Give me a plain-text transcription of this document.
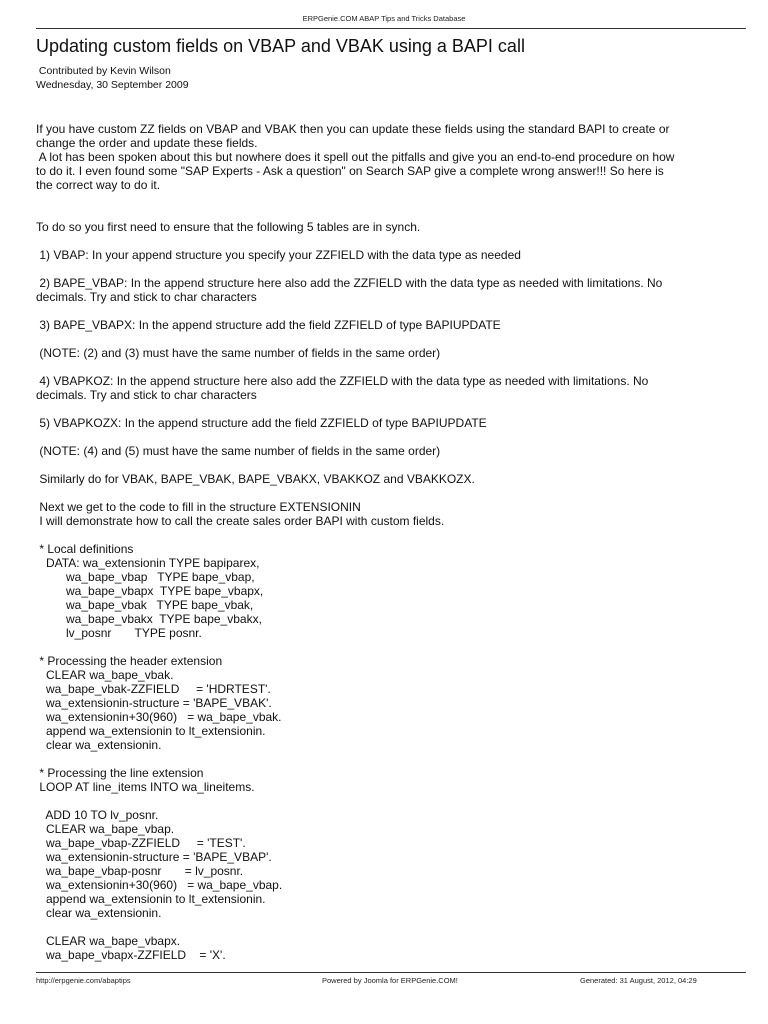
ERPGenie.COM ABAP Tips and Tricks Database
Updating custom fields on VBAP and VBAK using a BAPI call
Contributed by Kevin Wilson
Wednesday, 30 September 2009
If you have custom ZZ fields on VBAP and VBAK then you can update these fields using the standard BAPI to create or
change the order and update these fields.
A lot has been spoken about this but nowhere does it spell out the pitfalls and give you an end-to-end procedure on how
to do it. I even found some "SAP Experts - Ask a question" on Search SAP give a complete wrong answer!!! So here is
the correct way to do it.
To do so you first need to ensure that the following 5 tables are in synch.
1) VBAP: In your append structure you specify your ZZFIELD with the data type as needed
2) BAPE_VBAP: In the append structure here also add the ZZFIELD with the data type as needed with limitations. No
decimals. Try and stick to char characters
3) BAPE_VBAPX: In the append structure add the field ZZFIELD of type BAPIUPDATE
(NOTE: (2) and (3) must have the same number of fields in the same order)
4) VBAPKOZ: In the append structure here also add the ZZFIELD with the data type as needed with limitations. No
decimals. Try and stick to char characters
5) VBAPKOZX: In the append structure add the field ZZFIELD of type BAPIUPDATE
(NOTE: (4) and (5) must have the same number of fields in the same order)
Similarly do for VBAK, BAPE_VBAK, BAPE_VBAKX, VBAKKOZ and VBAKKOZX.
Next we get to the code to fill in the structure EXTENSIONIN
I will demonstrate how to call the create sales order BAPI with custom fields.
* Local definitions
DATA: wa_extensionin TYPE bapiparex,
wa_bape_vbap   TYPE bape_vbap,
wa_bape_vbapx  TYPE bape_vbapx,
wa_bape_vbak   TYPE bape_vbak,
wa_bape_vbakx  TYPE bape_vbakx,
lv_posnr       TYPE posnr.
* Processing the header extension
CLEAR wa_bape_vbak.
wa_bape_vbak-ZZFIELD     = 'HDRTEST'.
wa_extensionin-structure = 'BAPE_VBAK'.
wa_extensionin+30(960)   = wa_bape_vbak.
append wa_extensionin to lt_extensionin.
clear wa_extensionin.
* Processing the line extension
LOOP AT line_items INTO wa_lineitems.
ADD 10 TO lv_posnr.
CLEAR wa_bape_vbap.
wa_bape_vbap-ZZFIELD     = 'TEST'.
wa_extensionin-structure = 'BAPE_VBAP'.
wa_bape_vbap-posnr       = lv_posnr.
wa_extensionin+30(960)   = wa_bape_vbap.
append wa_extensionin to lt_extensionin.
clear wa_extensionin.
CLEAR wa_bape_vbapx.
wa_bape_vbapx-ZZFIELD    = 'X'.
http://erpgenie.com/abaptips	Powered by Joomla for ERPGenie.COM!	Generated: 31 August, 2012, 04:29
